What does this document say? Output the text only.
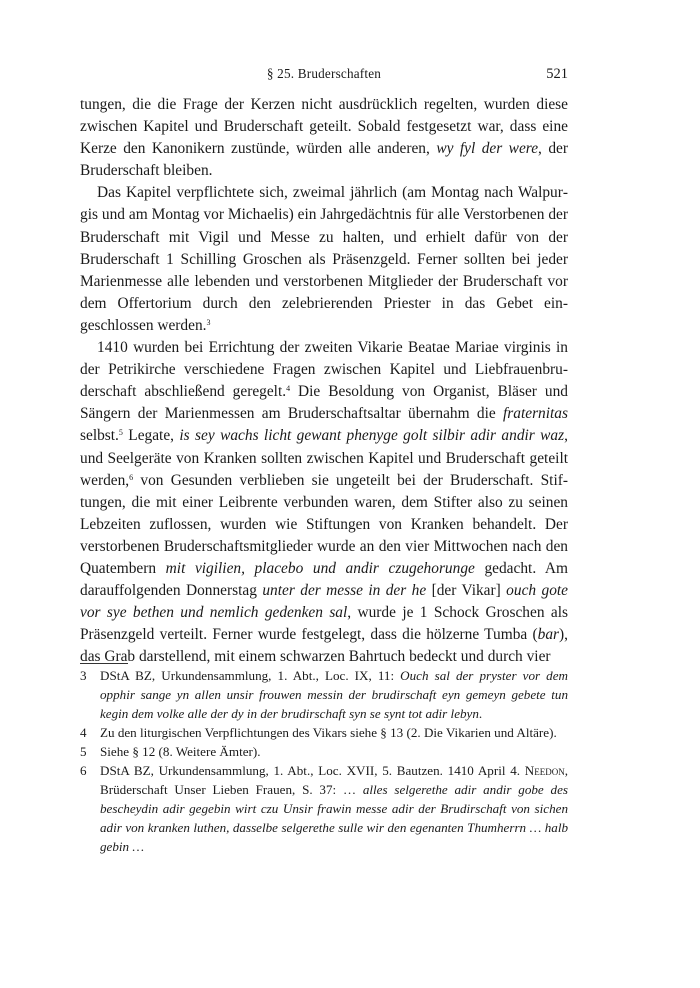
§ 25. Bruderschaften	521

tungen, die die Frage der Kerzen nicht ausdrücklich regelten, wurden diese zwischen Kapitel und Bruderschaft geteilt. Sobald festgesetzt war, dass eine Kerze den Kanonikern zustünde, würden alle anderen, wy fyl der were, der Bruderschaft bleiben.

Das Kapitel verpflichtete sich, zweimal jährlich (am Montag nach Walpurgis und am Montag vor Michaelis) ein Jahrgedächtnis für alle Verstorbenen der Bruderschaft mit Vigil und Messe zu halten, und erhielt dafür von der Bruderschaft 1 Schilling Groschen als Präsenzgeld. Ferner sollten bei jeder Marienmesse alle lebenden und verstorbenen Mitglieder der Bruderschaft vor dem Offertorium durch den zelebrierenden Priester in das Gebet eingeschlossen werden.$^3$

1410 wurden bei Errichtung der zweiten Vikarie Beatae Mariae virginis in der Petrikirche verschiedene Fragen zwischen Kapitel und Liebfrauenbruderschaft abschließend geregelt.$^4$ Die Besoldung von Organist, Bläser und Sängern der Marienmessen am Bruderschaftsaltar übernahm die fraternitas selbst.$^5$ Legate, is sey wachs licht gewant phenyge golt silbir adir andir waz, und Seelgeräte von Kranken sollten zwischen Kapitel und Bruderschaft geteilt werden,$^6$ von Gesunden verblieben sie ungeteilt bei der Bruderschaft. Stiftungen, die mit einer Leibrente verbunden waren, dem Stifter also zu seinen Lebzeiten zuflossen, wurden wie Stiftungen von Kranken behandelt. Der verstorbenen Bruderschaftsmitglieder wurde an den vier Mittwochen nach den Quatembern mit vigilien, placebo und andir czugehorunge gedacht. Am darauffolgenden Donnerstag unter der messe in der he [der Vikar] ouch gote vor sye bethen und nemlich gedenken sal, wurde je 1 Schock Groschen als Präsenzgeld verteilt. Ferner wurde festgelegt, dass die hölzerne Tumba (bar), das Grab darstellend, mit einem schwarzen Bahrtuch bedeckt und durch vier

3 DStA BZ, Urkundensammlung, 1. Abt., Loc. IX, 11: Ouch sal der pryster vor dem opphir sange yn allen unsir frouwen messin der brudirschaft eyn gemeyn gebete tun kegin dem volke alle der dy in der brudirschaft syn se synt tot adir lebyn.
4 Zu den liturgischen Verpflichtungen des Vikars siehe § 13 (2. Die Vikarien und Altäre).
5 Siehe § 12 (8. Weitere Ämter).
6 DStA BZ, Urkundensammlung, 1. Abt., Loc. XVII, 5. Bautzen. 1410 April 4. Needon, Brüderschaft Unser Lieben Frauen, S. 37: … alles selgerethe adir andir gobe des bescheydin adir gegebin wirt czu Unsir frawin messe adir der Brudirschaft von sichen adir von kranken luthen, dasselbe selgerethe sulle wir den egenanten Thumherrn … halb gebin …
